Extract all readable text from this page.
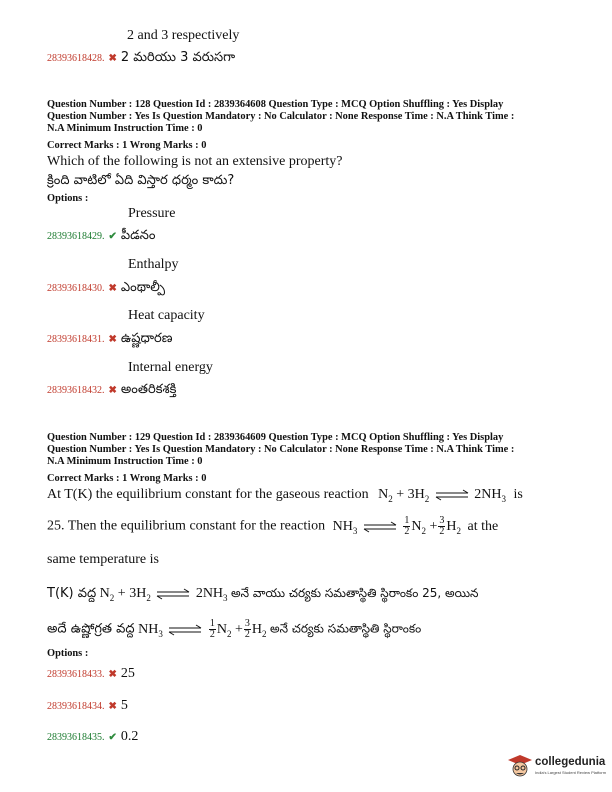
2 and 3 respectively
28393618428. ✖ 2 మరియు 3 వరుసగా
Question Number : 128 Question Id : 2839364608 Question Type : MCQ Option Shuffling : Yes Display
Question Number : Yes Is Question Mandatory : No Calculator : None Response Time : N.A Think Time :
N.A Minimum Instruction Time : 0
Correct Marks : 1 Wrong Marks : 0
Which of the following is not an extensive property?
క్రింది వాటిలో ఏది విస్తార ధర్మం కాదు?
Options :
Pressure
28393618429. ✔ పీడనం
Enthalpy
28393618430. ✖ ఎంథాల్పీ
Heat capacity
28393618431. ✖ ఉష్ణధారణ
Internal energy
28393618432. ✖ అంతరికశక్తి
Question Number : 129 Question Id : 2839364609 Question Type : MCQ Option Shuffling : Yes Display
Question Number : Yes Is Question Mandatory : No Calculator : None Response Time : N.A Think Time :
N.A Minimum Instruction Time : 0
Correct Marks : 1 Wrong Marks : 0
At T(K) the equilibrium constant for the gaseous reaction $N_2 + 3H_2$ ⇌ $2NH_3$ is
25. Then the equilibrium constant for the reaction $NH_3$ ⇌ $\frac{1}{2} N_2 + \frac{3}{2} H_2$ at the
same temperature is
T(K) వద్ద $N_2 + 3H_2$ ⇌ $2NH_3$ అనే వాయు చర్యకు సమతాస్థితి స్థిరాంకం 25, అయిన
అదే ఉష్ణోగ్రత వద్ద $NH_3$ ⇌ $\frac{1}{2} N_2 + \frac{3}{2} H_2$ అనే చర్యకు సమతాస్థితి స్థిరాంకం
Options :
28393618433. ✖ 25
28393618434. ✖ 5
28393618435. ✔ 0.2
collegedunia
India's Largest Student Review Platform
